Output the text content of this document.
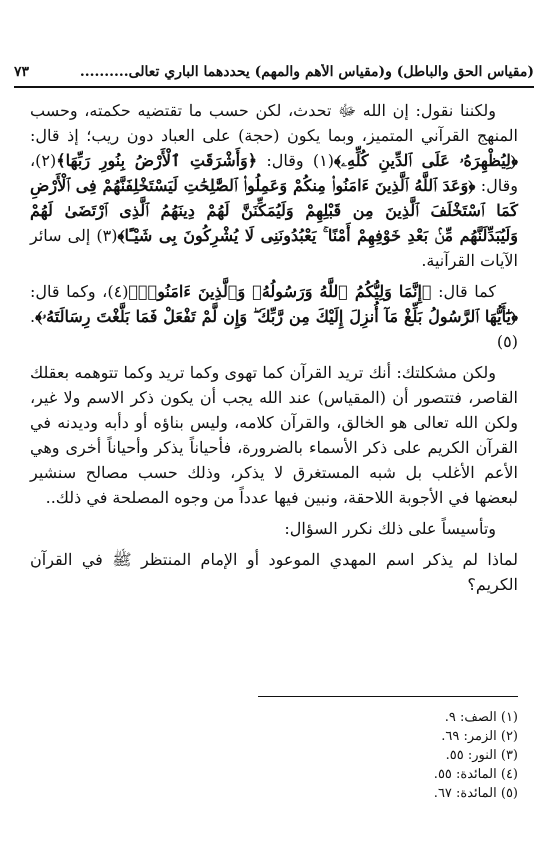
(مقياس الحق والباطل) و(مقياس الأهم والمهم) يحددهما الباري تعالى..........
٧٣

ولكننا نقول: إن الله ﷻ تحدث، لكن حسب ما تقتضيه حكمته، وحسب المنهج القرآني المتميز، وبما يكون (حجة) على العباد دون ريب؛ إذ قال: ﴿لِيُظْهِرَهُۥ عَلَى ٱلدِّينِ كُلِّهِۦ﴾(١) وقال: ﴿وَأَشْرَقَتِ ٱلْأَرْضُ بِنُورِ رَبِّهَا﴾(٢)، وقال: ﴿وَعَدَ ٱللَّهُ ٱلَّذِينَ ءَامَنُوا۟ مِنكُمْ وَعَمِلُوا۟ ٱلصَّٰلِحَٰتِ لَيَسْتَخْلِفَنَّهُمْ فِى ٱلْأَرْضِ كَمَا ٱسْتَخْلَفَ ٱلَّذِينَ مِن قَبْلِهِمْ وَلَيُمَكِّنَنَّ لَهُمْ دِينَهُمُ ٱلَّذِى ٱرْتَضَىٰ لَهُمْ وَلَيُبَدِّلَنَّهُم مِّنۢ بَعْدِ خَوْفِهِمْ أَمْنًا ۚ يَعْبُدُونَنِى لَا يُشْرِكُونَ بِى شَيْـًٔا﴾(٣) إلى سائر الآيات القرآنية.

كما قال: ﴿إِنَّمَا وَلِيُّكُمُ ٱللَّهُ وَرَسُولُهُۥ وَٱلَّذِينَ ءَامَنُوا۟﴾(٤)، وكما قال: ﴿يَٰٓأَيُّهَا ٱلرَّسُولُ بَلِّغْ مَآ أُنزِلَ إِلَيْكَ مِن رَّبِّكَ ۖ وَإِن لَّمْ تَفْعَلْ فَمَا بَلَّغْتَ رِسَالَتَهُۥ﴾.(٥)

ولكن مشكلتك: أنك تريد القرآن كما تهوى وكما تريد وكما تتوهمه بعقلك القاصر، فتتصور أن (المقياس) عند الله يجب أن يكون ذكر الاسم ولا غير، ولكن الله تعالى هو الخالق، والقرآن كلامه، وليس بناؤه أو دأبه وديدنه في القرآن الكريم على ذكر الأسماء بالضرورة، فأحياناً يذكر وأحياناً أخرى وهي الأعم الأغلب بل شبه المستغرق لا يذكر، وذلك حسب مصالح سنشير لبعضها في الأجوبة اللاحقة، ونبين فيها عدداً من وجوه المصلحة في ذلك..

وتأسيساً على ذلك نكرر السؤال:

لماذا لم يذكر اسم المهدي الموعود أو الإمام المنتظر ﷺ في القرآن الكريم؟

(١) الصف: ٩.
(٢) الزمر: ٦٩.
(٣) النور: ٥٥.
(٤) المائدة: ٥٥.
(٥) المائدة: ٦٧.
